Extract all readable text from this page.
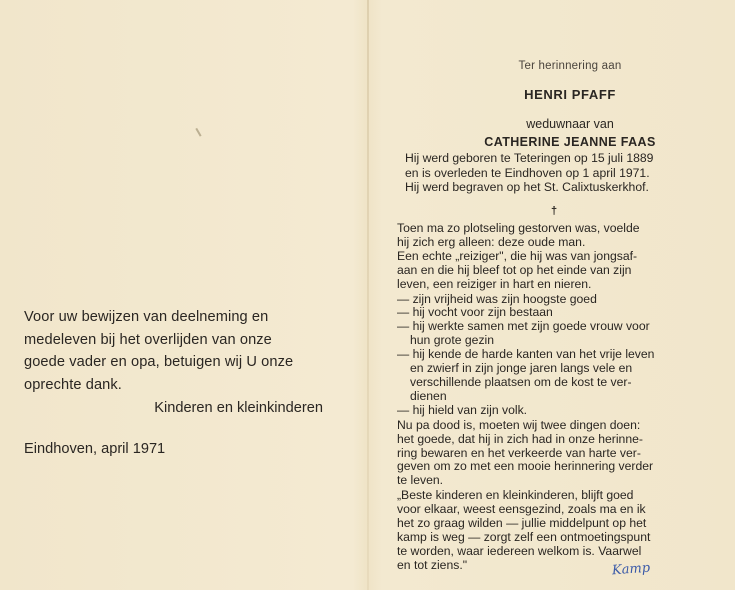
Voor uw bewijzen van deelneming en
medeleven bij het overlijden van onze
goede vader en opa, betuigen wij U onze
oprechte dank.
Kinderen en kleinkinderen
Eindhoven, april 1971
Ter herinnering aan
HENRI PFAFF
weduwnaar van
CATHERINE JEANNE FAAS
Hij werd geboren te Teteringen op 15 juli 1889
en is overleden te Eindhoven op 1 april 1971.
Hij werd begraven op het St. Calixtuskerkhof.
†
Toen ma zo plotseling gestorven was, voelde
hij zich erg alleen: deze oude man.
Een echte „reiziger", die hij was van jongsaf-
aan en die hij bleef tot op het einde van zijn
leven, een reiziger in hart en nieren.
— zijn vrijheid was zijn hoogste goed
— hij vocht voor zijn bestaan
— hij werkte samen met zijn goede vrouw voor
hun grote gezin
— hij kende de harde kanten van het vrije leven
en zwierf in zijn jonge jaren langs vele en
verschillende plaatsen om de kost te ver-
dienen
— hij hield van zijn volk.
Nu pa dood is, moeten wij twee dingen doen:
het goede, dat hij in zich had in onze herinne-
ring bewaren en het verkeerde van harte ver-
geven om zo met een mooie herinnering verder
te leven.
„Beste kinderen en kleinkinderen, blijft goed
voor elkaar, weest eensgezind, zoals ma en ik
het zo graag wilden — jullie middelpunt op het
kamp is weg — zorgt zelf een ontmoetingspunt
te worden, waar iedereen welkom is. Vaarwel
en tot ziens."	Kamp
